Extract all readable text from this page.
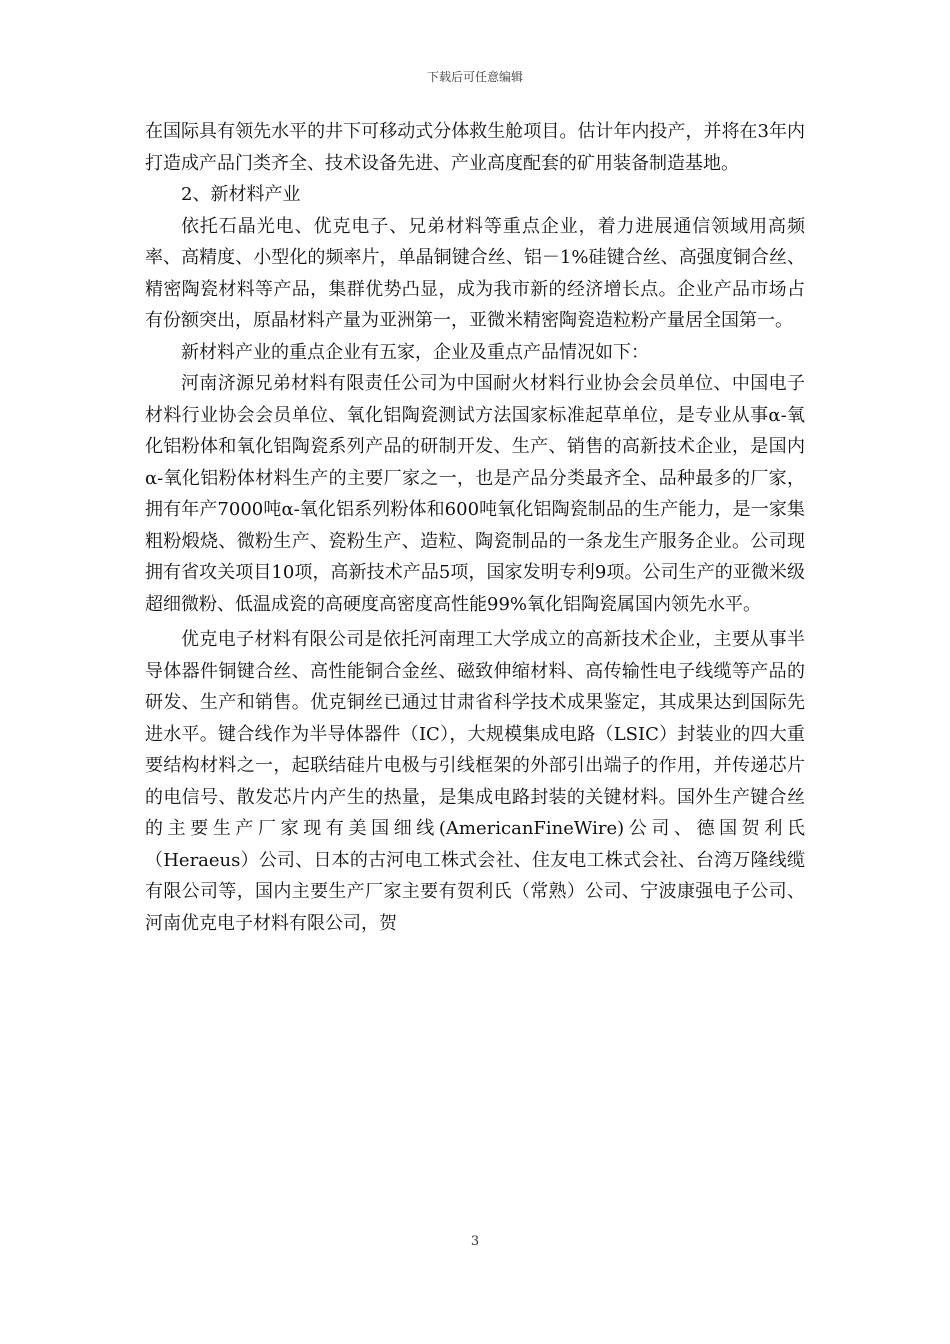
下载后可任意编辑

在国际具有领先水平的井下可移动式分体救生舱项目。估计年内投产，并将在3年内打造成产品门类齐全、技术设备先进、产业高度配套的矿用装备制造基地。

2、新材料产业

依托石晶光电、优克电子、兄弟材料等重点企业，着力进展通信领域用高频率、高精度、小型化的频率片，单晶铜键合丝、铝－1%硅键合丝、高强度铜合丝、精密陶瓷材料等产品，集群优势凸显，成为我市新的经济增长点。企业产品市场占有份额突出，原晶材料产量为亚洲第一，亚微米精密陶瓷造粒粉产量居全国第一。

新材料产业的重点企业有五家，企业及重点产品情况如下：

河南济源兄弟材料有限责任公司为中国耐火材料行业协会会员单位、中国电子材料行业协会会员单位、氧化铝陶瓷测试方法国家标准起草单位，是专业从事α-氧化铝粉体和氧化铝陶瓷系列产品的研制开发、生产、销售的高新技术企业，是国内α-氧化铝粉体材料生产的主要厂家之一，也是产品分类最齐全、品种最多的厂家，拥有年产7000吨α-氧化铝系列粉体和600吨氧化铝陶瓷制品的生产能力，是一家集粗粉煅烧、微粉生产、瓷粉生产、造粒、陶瓷制品的一条龙生产服务企业。公司现拥有省攻关项目10项，高新技术产品5项，国家发明专利9项。公司生产的亚微米级超细微粉、低温成瓷的高硬度高密度高性能99%氧化铝陶瓷属国内领先水平。

优克电子材料有限公司是依托河南理工大学成立的高新技术企业，主要从事半导体器件铜键合丝、高性能铜合金丝、磁致伸缩材料、高传输性电子线缆等产品的研发、生产和销售。优克铜丝已通过甘肃省科学技术成果鉴定，其成果达到国际先进水平。键合线作为半导体器件（IC），大规模集成电路（LSIC）封装业的四大重要结构材料之一，起联结硅片电极与引线框架的外部引出端子的作用，并传递芯片的电信号、散发芯片内产生的热量，是集成电路封装的关键材料。国外生产键合丝的主要生产厂家现有美国细线(AmericanFineWire)公司、德国贺利氏（Heraeus）公司、日本的古河电工株式会社、住友电工株式会社、台湾万隆线缆有限公司等，国内主要生产厂家主要有贺利氏（常熟）公司、宁波康强电子公司、河南优克电子材料有限公司，贺

3
